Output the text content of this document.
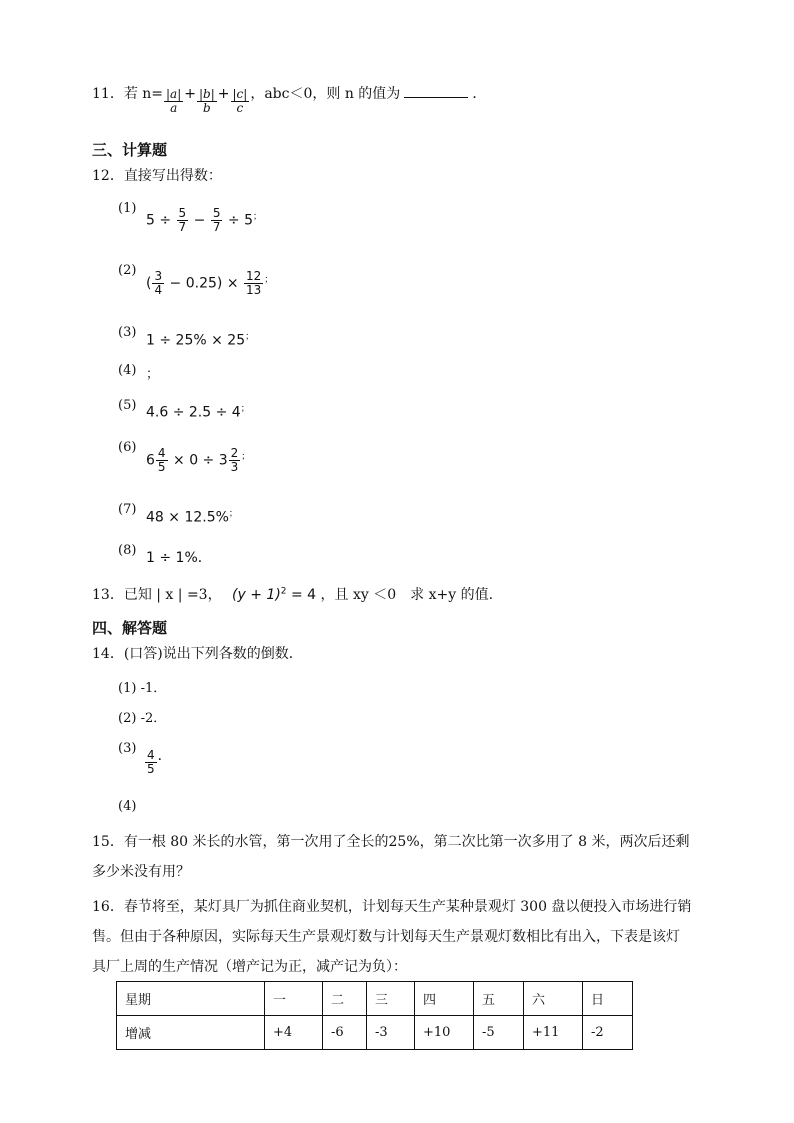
11．若 $n= \frac{|a|}{a} + \frac{|b|}{b} + \frac{|c|}{c}$ ，abc＜0，则 n 的值为	．
三、计算题
12．直接写出得数：
(1)
$5 \div \frac{5}{7} - \frac{5}{7} \div 5^;$
(2)
( $\frac{3}{4} - 0.25) \times \frac{12}{13} ^;$
(3)
1 ÷ 25% × 25；
(4) ；
(5) 4.6 ÷ 2.5 ÷ 4；
(6)
$6 \frac{4}{5} \times 0 \div 3 \frac{2}{3} ^;$
(7)
48 × 12.5%；
(8) 1 ÷ 1%．
13．已知 | x | =3， $(y + 1)^2 = 4$ ，且 xy ＜0　求 x+y 的值.
四、解答题
14．(口答)说出下列各数的倒数．
(1) -1．
(2) -2．
$(3) \frac{4}{5}$ ．
(4)
15．有一根 80 米长的水管，第一次用了全长的25%，第二次比第一次多用了 8 米，两次后还剩
多少米没有用？
16．春节将至，某灯具厂为抓住商业契机，计划每天生产某种景观灯 300 盘以便投入市场进行销
售。但由于各种原因，实际每天生产景观灯数与计划每天生产景观灯数相比有出入，下表是该灯
具厂上周的生产情况（增产记为正，减产记为负）：
星期	一	二	三	四	五	六	日
增减	+4	-6	-3	+10	-5	+11	-2
